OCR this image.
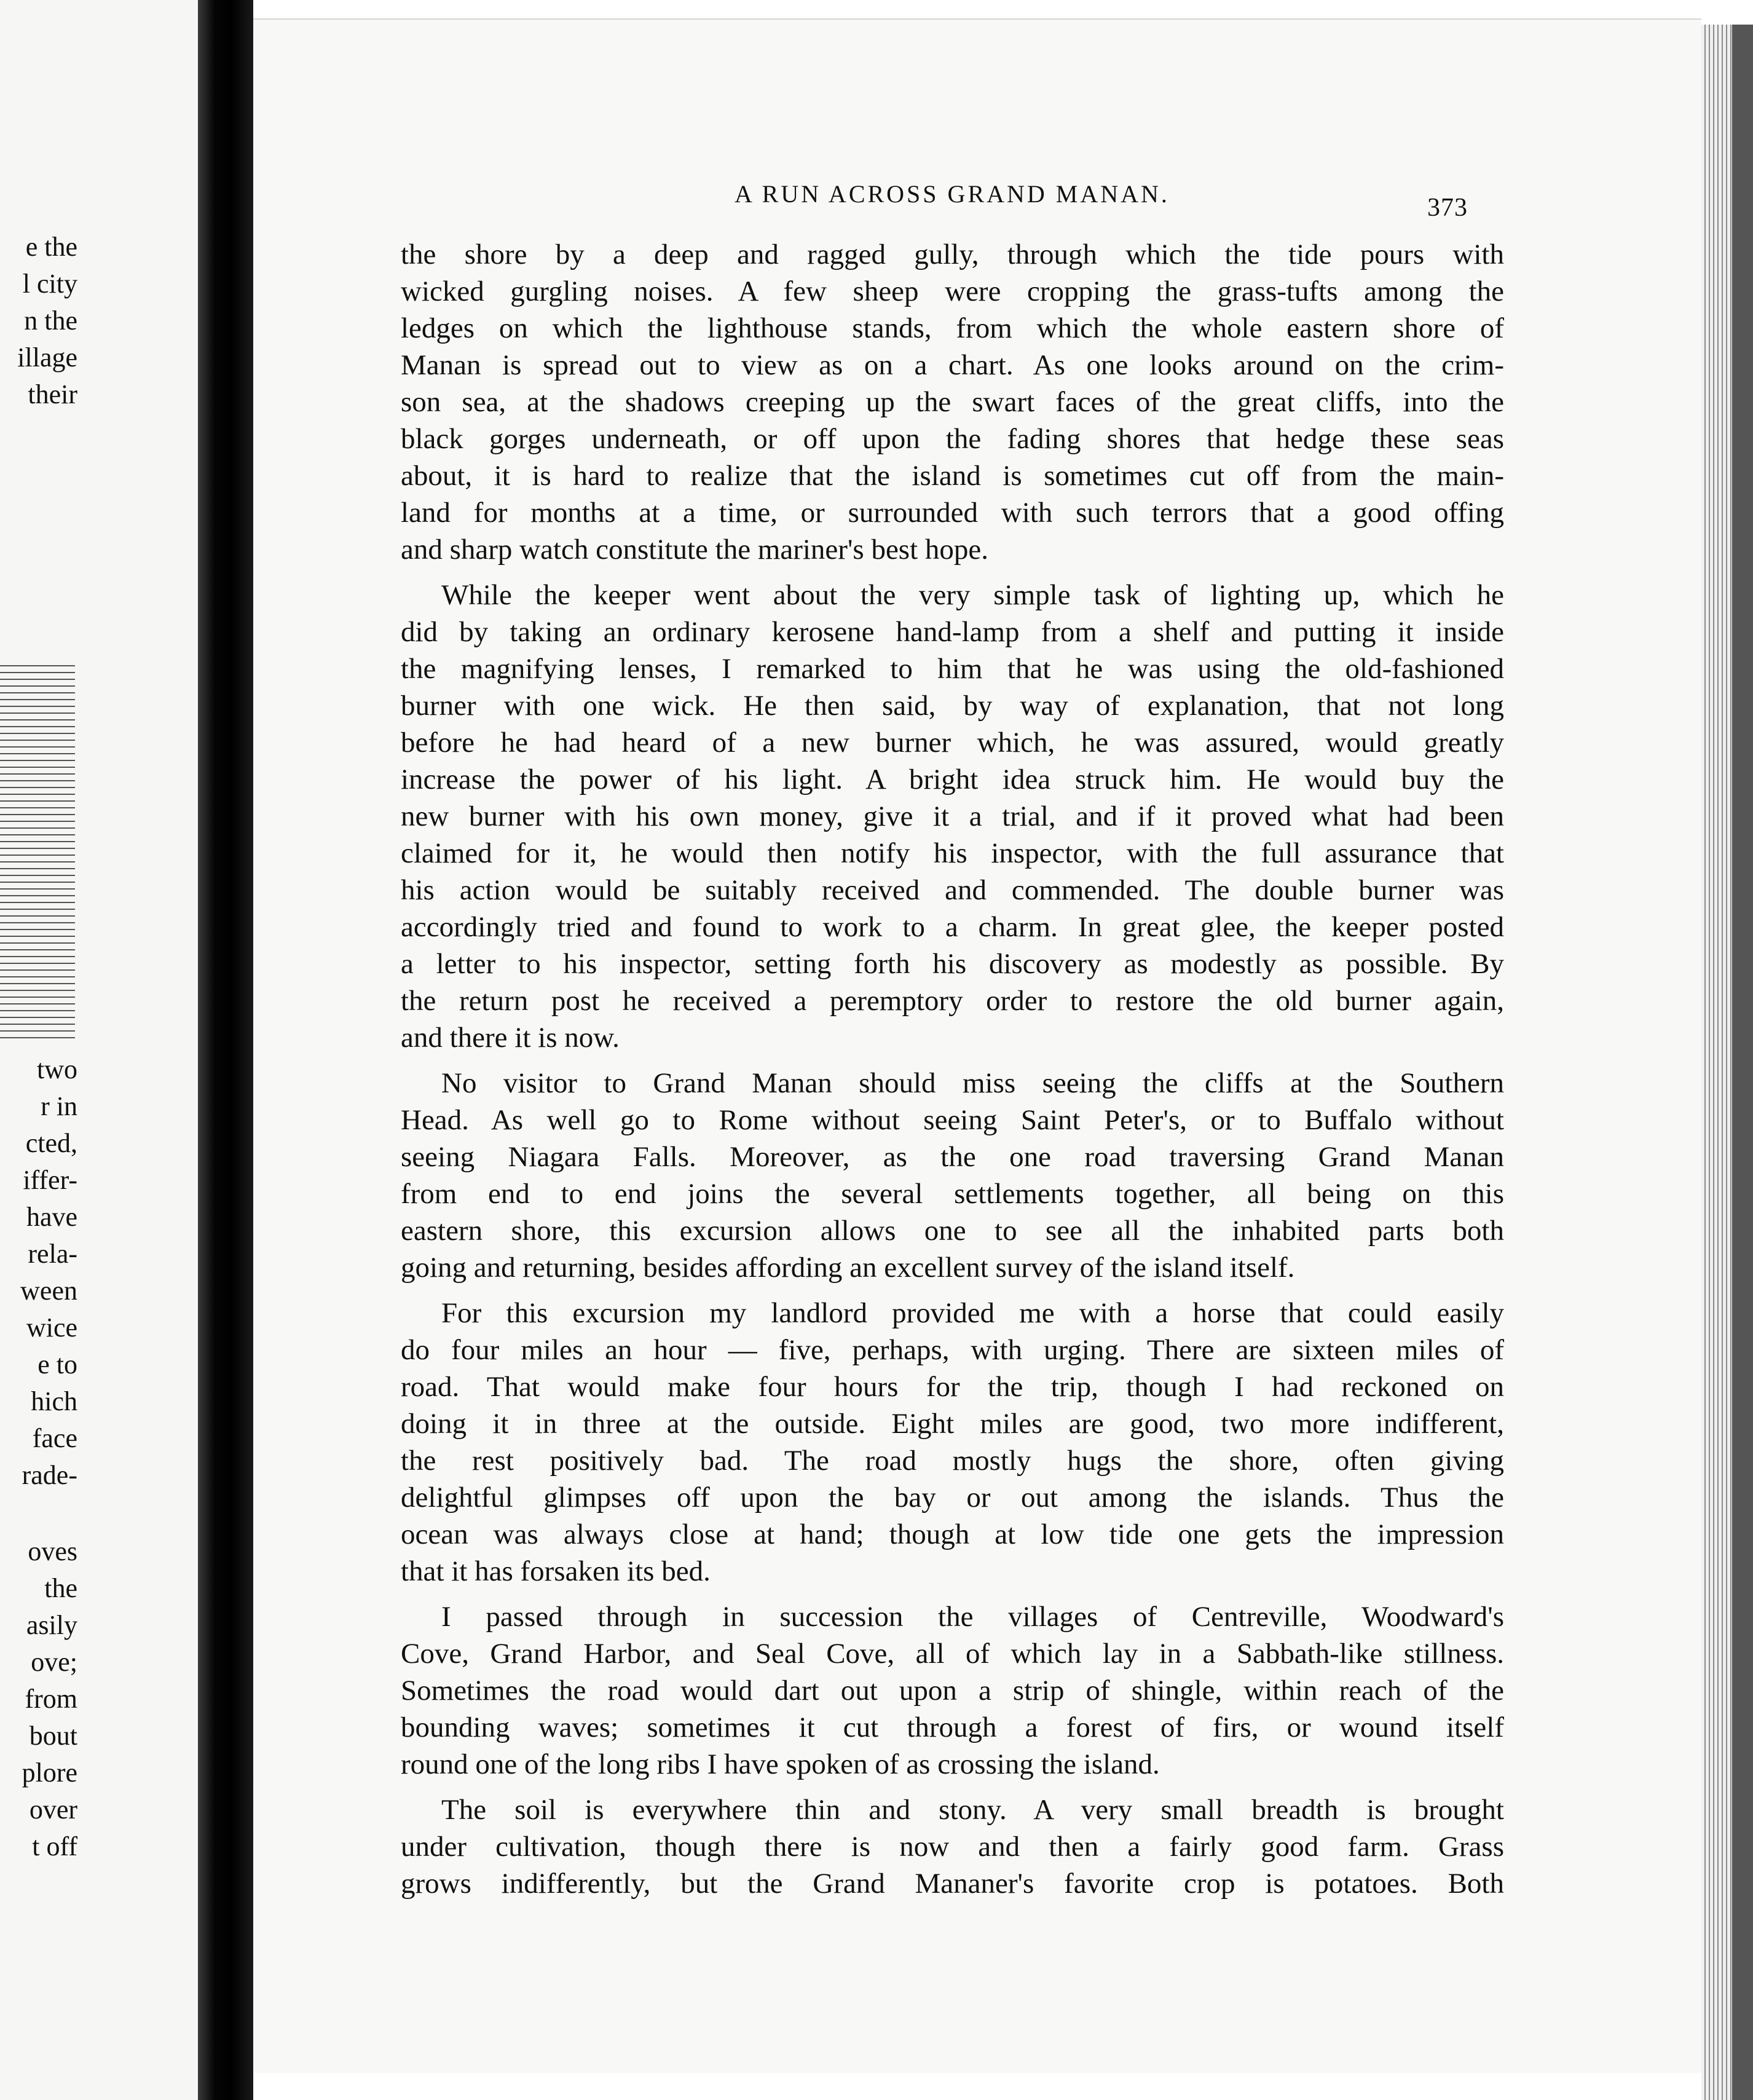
e the
l city
n the
illage
their
two
r in
cted,
iffer-
have
rela-
ween
wice
e to
hich
face
rade-
oves
the
asily
ove;
from
bout
plore
over
t off
A RUN ACROSS GRAND MANAN.	373
the shore by a deep and ragged gully, through which the tide pours with
wicked gurgling noises. A few sheep were cropping the grass-tufts among the
ledges on which the lighthouse stands, from which the whole eastern shore of
Manan is spread out to view as on a chart. As one looks around on the crim-
son sea, at the shadows creeping up the swart faces of the great cliffs, into the
black gorges underneath, or off upon the fading shores that hedge these seas
about, it is hard to realize that the island is sometimes cut off from the main-
land for months at a time, or surrounded with such terrors that a good offing
and sharp watch constitute the mariner's best hope.
While the keeper went about the very simple task of lighting up, which he
did by taking an ordinary kerosene hand-lamp from a shelf and putting it inside
the magnifying lenses, I remarked to him that he was using the old-fashioned
burner with one wick. He then said, by way of explanation, that not long
before he had heard of a new burner which, he was assured, would greatly
increase the power of his light. A bright idea struck him. He would buy the
new burner with his own money, give it a trial, and if it proved what had been
claimed for it, he would then notify his inspector, with the full assurance that
his action would be suitably received and commended. The double burner was
accordingly tried and found to work to a charm. In great glee, the keeper posted
a letter to his inspector, setting forth his discovery as modestly as possible. By
the return post he received a peremptory order to restore the old burner again,
and there it is now.
No visitor to Grand Manan should miss seeing the cliffs at the Southern
Head. As well go to Rome without seeing Saint Peter's, or to Buffalo without
seeing Niagara Falls. Moreover, as the one road traversing Grand Manan
from end to end joins the several settlements together, all being on this
eastern shore, this excursion allows one to see all the inhabited parts both
going and returning, besides affording an excellent survey of the island itself.
For this excursion my landlord provided me with a horse that could easily
do four miles an hour — five, perhaps, with urging. There are sixteen miles of
road. That would make four hours for the trip, though I had reckoned on
doing it in three at the outside. Eight miles are good, two more indifferent,
the rest positively bad. The road mostly hugs the shore, often giving
delightful glimpses off upon the bay or out among the islands. Thus the
ocean was always close at hand; though at low tide one gets the impression
that it has forsaken its bed.
I passed through in succession the villages of Centreville, Woodward's
Cove, Grand Harbor, and Seal Cove, all of which lay in a Sabbath-like stillness.
Sometimes the road would dart out upon a strip of shingle, within reach of the
bounding waves; sometimes it cut through a forest of firs, or wound itself
round one of the long ribs I have spoken of as crossing the island.
The soil is everywhere thin and stony. A very small breadth is brought
under cultivation, though there is now and then a fairly good farm. Grass
grows indifferently, but the Grand Mananer's favorite crop is potatoes. Both
